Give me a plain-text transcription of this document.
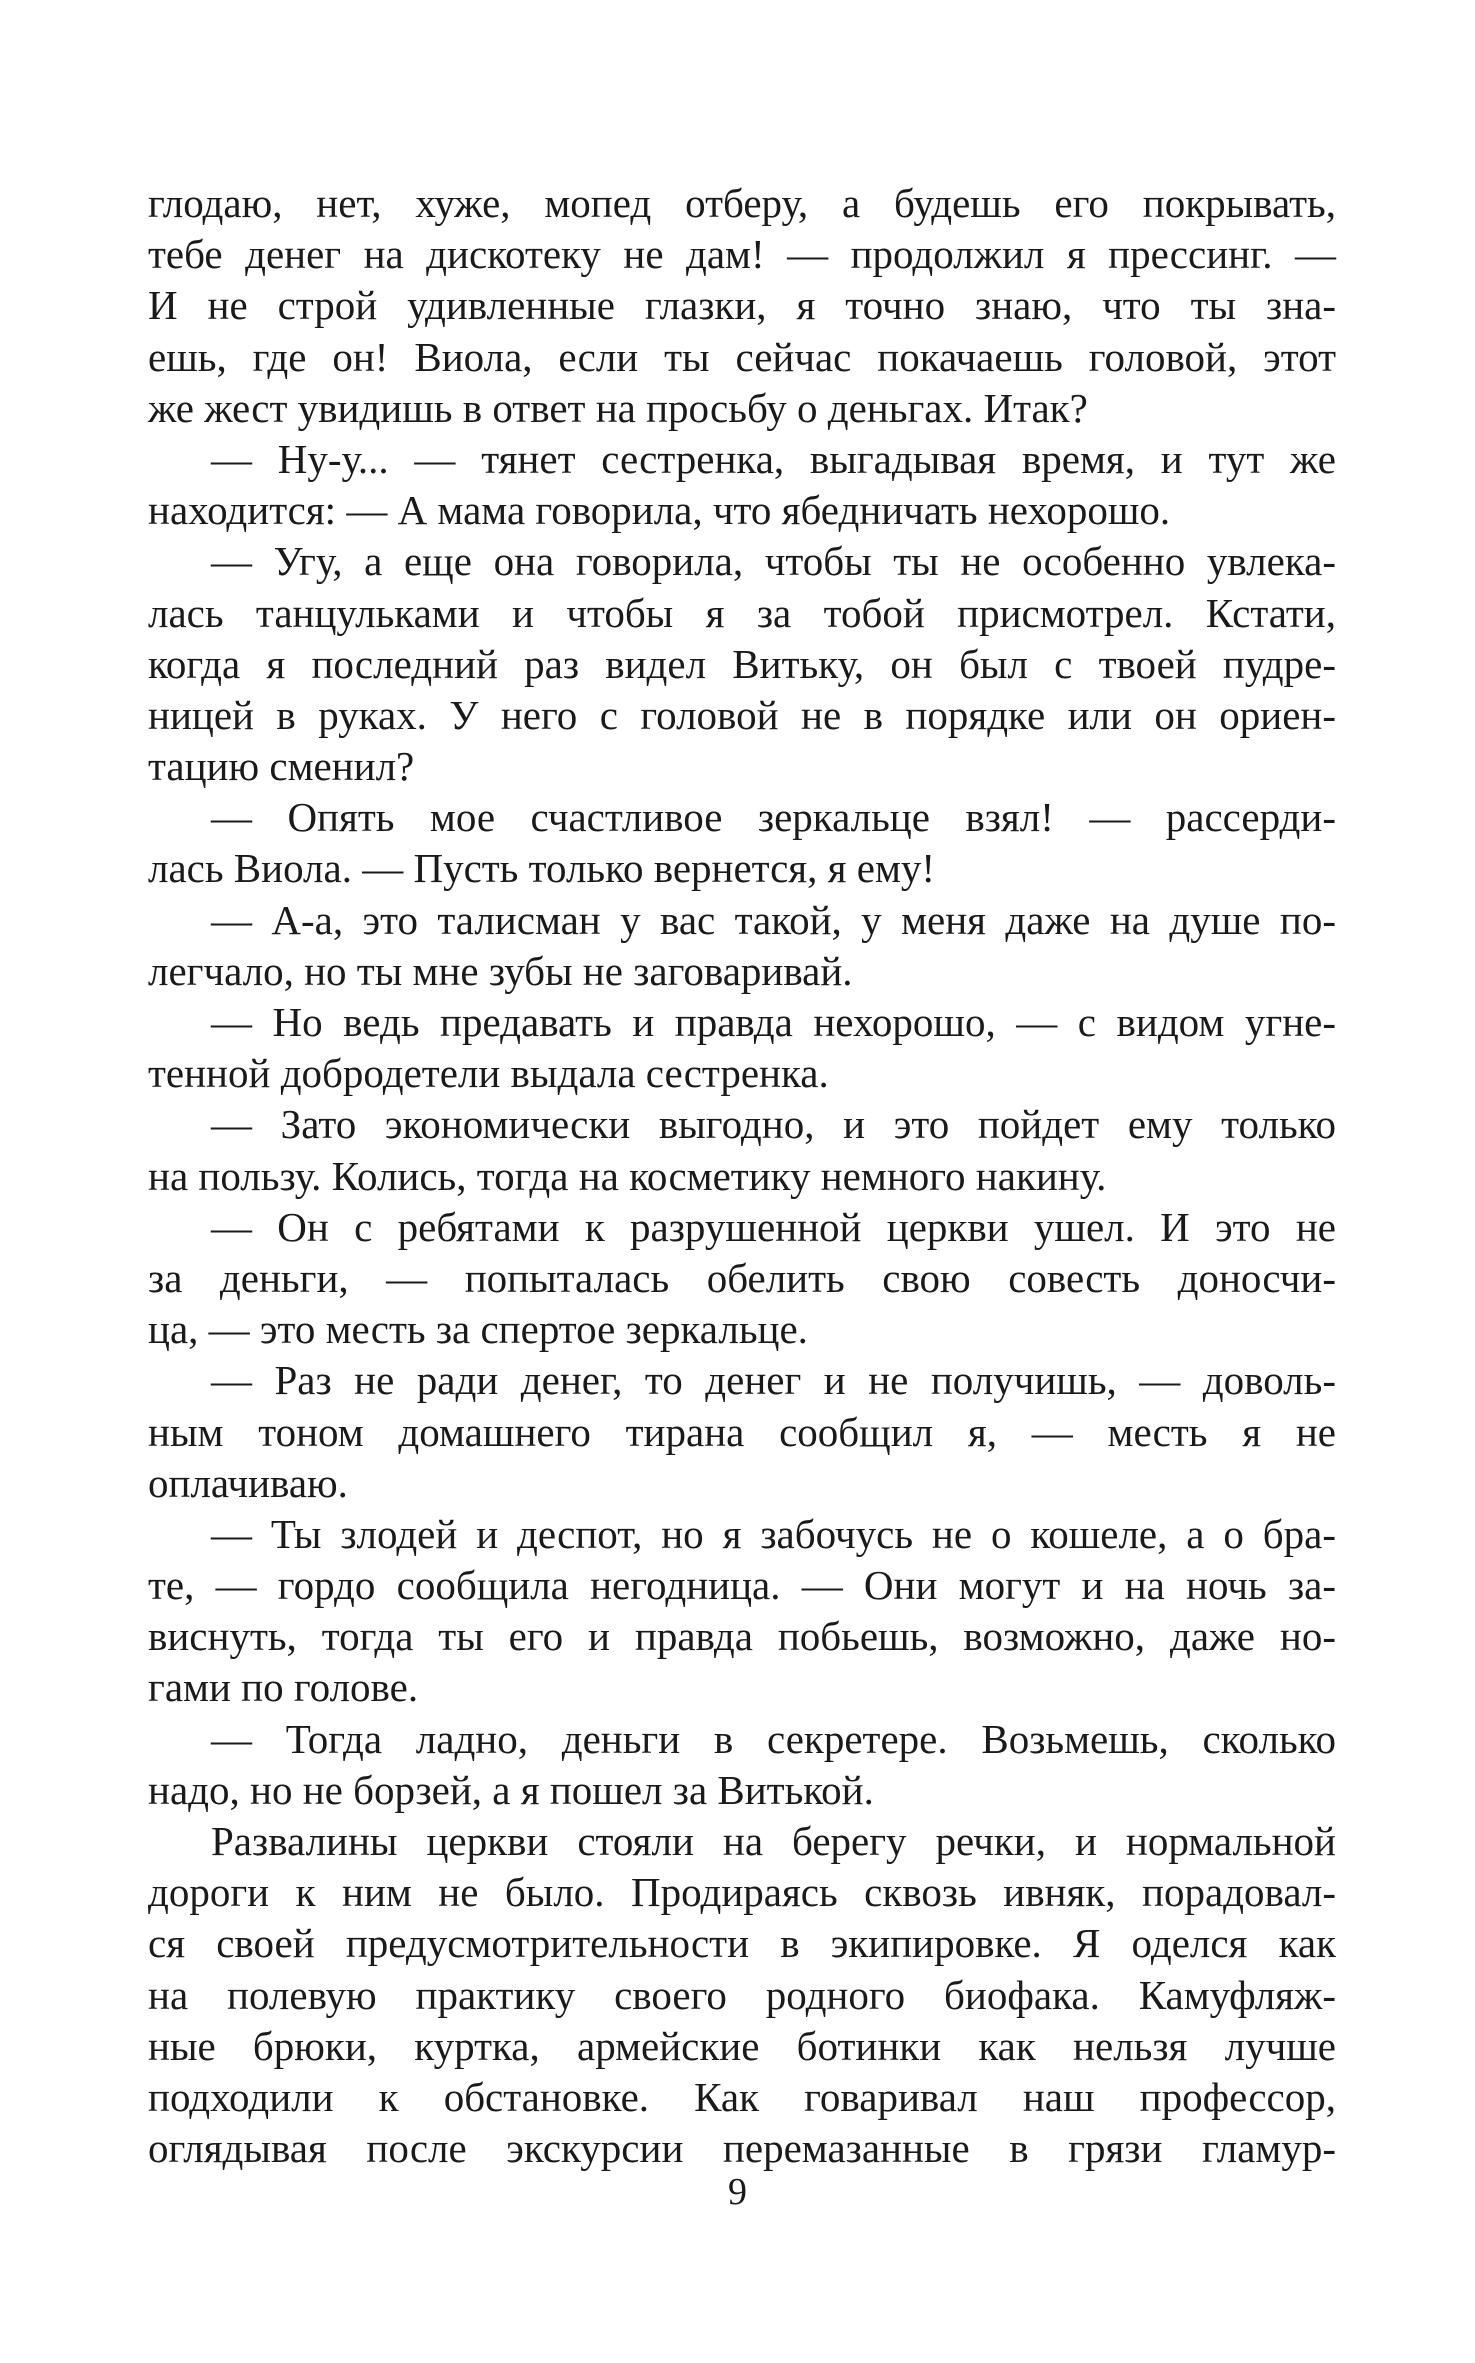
глодаю, нет, хуже, мопед отберу, а будешь его покрывать,
тебе денег на дискотеку не дам! — продолжил я прессинг. —
И не строй удивленные глазки, я точно знаю, что ты зна-
ешь, где он! Виола, если ты сейчас покачаешь головой, этот
же жест увидишь в ответ на просьбу о деньгах. Итак?
— Ну-у... — тянет сестренка, выгадывая время, и тут же
находится: — А мама говорила, что ябедничать нехорошо.
— Угу, а еще она говорила, чтобы ты не особенно увлека-
лась танцульками и чтобы я за тобой присмотрел. Кстати,
когда я последний раз видел Витьку, он был с твоей пудре-
ницей в руках. У него с головой не в порядке или он ориен-
тацию сменил?
— Опять мое счастливое зеркальце взял! — рассерди-
лась Виола. — Пусть только вернется, я ему!
— А-а, это талисман у вас такой, у меня даже на душе по-
легчало, но ты мне зубы не заговаривай.
— Но ведь предавать и правда нехорошо, — с видом угне-
тенной добродетели выдала сестренка.
— Зато экономически выгодно, и это пойдет ему только
на пользу. Колись, тогда на косметику немного накину.
— Он с ребятами к разрушенной церкви ушел. И это не
за деньги, — попыталась обелить свою совесть доносчи-
ца, — это месть за спертое зеркальце.
— Раз не ради денег, то денег и не получишь, — доволь-
ным тоном домашнего тирана сообщил я, — месть я не
оплачиваю.
— Ты злодей и деспот, но я забочусь не о кошеле, а о бра-
те, — гордо сообщила негодница. — Они могут и на ночь за-
виснуть, тогда ты его и правда побьешь, возможно, даже но-
гами по голове.
— Тогда ладно, деньги в секретере. Возьмешь, сколько
надо, но не борзей, а я пошел за Витькой.
Развалины церкви стояли на берегу речки, и нормальной
дороги к ним не было. Продираясь сквозь ивняк, порадовал-
ся своей предусмотрительности в экипировке. Я оделся как
на полевую практику своего родного биофака. Камуфляж-
ные брюки, куртка, армейские ботинки как нельзя лучше
подходили к обстановке. Как говаривал наш профессор,
оглядывая после экскурсии перемазанные в грязи гламур-
9
